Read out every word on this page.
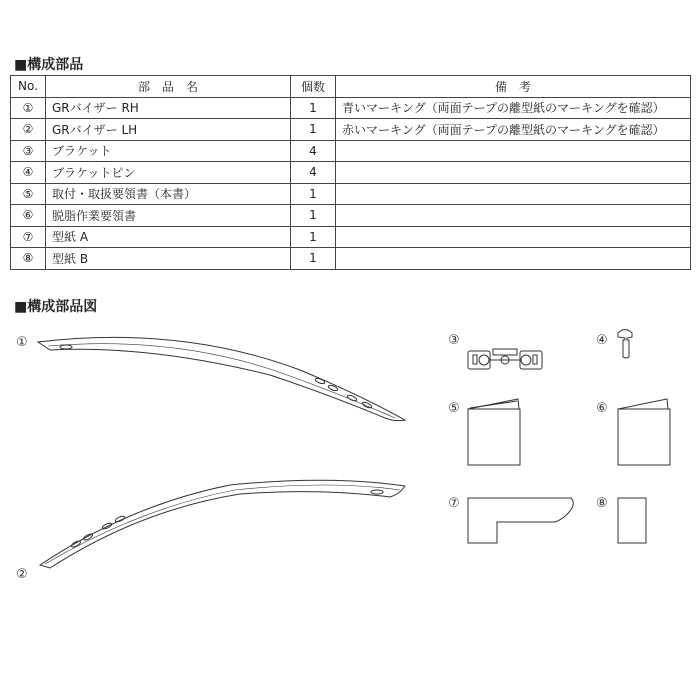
■構成部品
No.	部　品　名	個数	備　考
①	GRバイザー RH	1	青いマーキング（両面テープの離型紙のマーキングを確認）
②	GRバイザー LH	1	赤いマーキング（両面テープの離型紙のマーキングを確認）
③	ブラケット	4	
④	ブラケットピン	4	
⑤	取付・取扱要領書（本書）	1	
⑥	脱脂作業要領書	1	
⑦	型紙 A	1	
⑧	型紙 B	1	
■構成部品図
①
②
③	④
⑤	⑥
⑦	⑧
